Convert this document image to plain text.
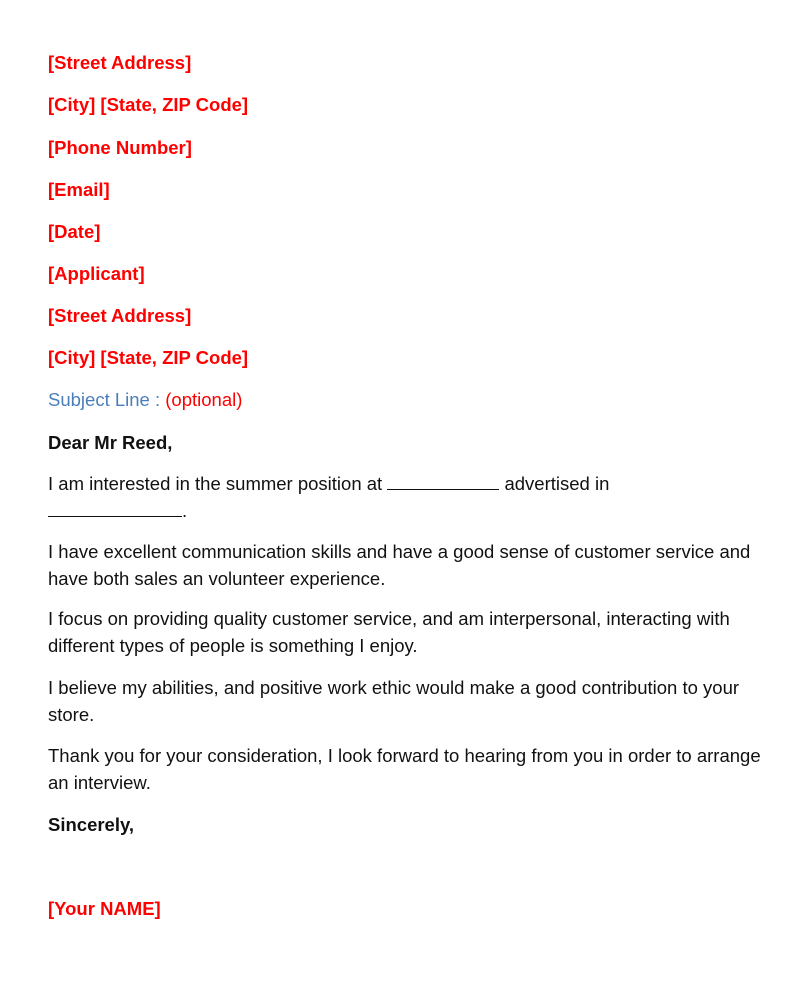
[Street Address]
[City] [State, ZIP Code]
[Phone Number]
[Email]
[Date]
[Applicant]
[Street Address]
[City] [State, ZIP Code]
Subject Line : (optional)
Dear Mr Reed,
I am interested in the summer position at	advertised in
.
I have excellent communication skills and have a good sense of customer service and have both sales an volunteer experience.
I focus on providing quality customer service, and am interpersonal, interacting with different types of people is something I enjoy.
I believe my abilities, and positive work ethic would make a good contribution to your store.
Thank you for your consideration, I look forward to hearing from you in order to arrange an interview.
Sincerely,
[Your NAME]
